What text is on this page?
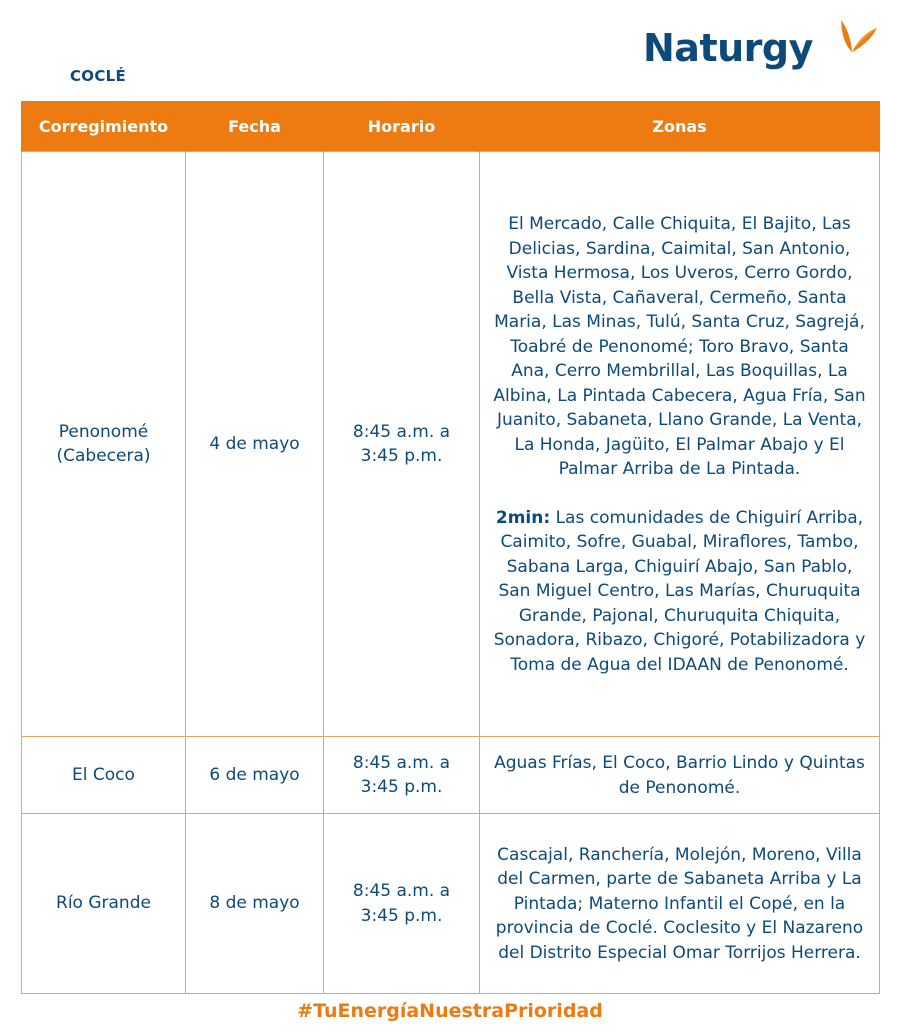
COCLÉ
Naturgy
Corregimiento	Fecha	Horario	Zonas
Penonomé (Cabecera)	4 de mayo	8:45 a.m. a 3:45 p.m.	El Mercado, Calle Chiquita, El Bajito, Las Delicias, Sardina, Caimital, San Antonio, Vista Hermosa, Los Uveros, Cerro Gordo, Bella Vista, Cañaveral, Cermeño, Santa Maria, Las Minas, Tulú, Santa Cruz, Sagrejá, Toabré de Penonomé; Toro Bravo, Santa Ana, Cerro Membrillal, Las Boquillas, La Albina, La Pintada Cabecera, Agua Fría, San Juanito, Sabaneta, Llano Grande, La Venta, La Honda, Jagüito, El Palmar Abajo y El Palmar Arriba de La Pintada.
2min: Las comunidades de Chiguirí Arriba, Caimito, Sofre, Guabal, Miraflores, Tambo, Sabana Larga, Chiguirí Abajo, San Pablo, San Miguel Centro, Las Marías, Churuquita Grande, Pajonal, Churuquita Chiquita, Sonadora, Ribazo, Chigoré, Potabilizadora y Toma de Agua del IDAAN de Penonomé.

El Coco	6 de mayo	8:45 a.m. a 3:45 p.m.	Aguas Frías, El Coco, Barrio Lindo y Quintas de Penonomé.
Río Grande	8 de mayo	8:45 a.m. a 3:45 p.m.	Cascajal, Ranchería, Molejón, Moreno, Villa del Carmen, parte de Sabaneta Arriba y La Pintada; Materno Infantil el Copé, en la provincia de Coclé. Coclesito y El Nazareno del Distrito Especial Omar Torrijos Herrera.
#TuEnergíaNuestraPrioridad
